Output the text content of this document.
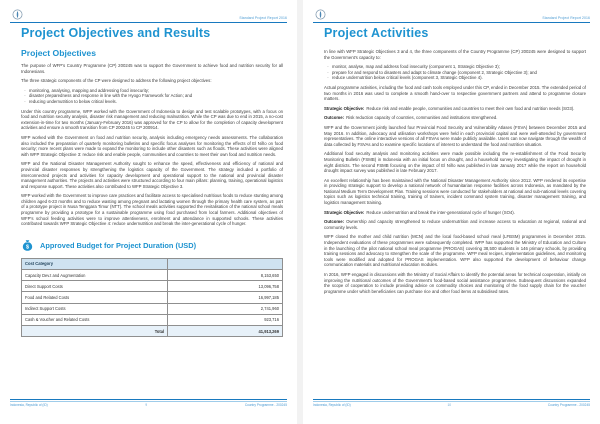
Standard Project Report 2016
Project Objectives and Results
Project Objectives

The purpose of WFP's Country Programme (CP) 200245 was to support the Government to achieve food and nutrition security for all Indonesians.

The three strategic components of the CP were designed to address the following project objectives:

· monitoring, analysing, mapping and addressing food insecurity;
· disaster preparedness and response in line with the Hyogo Framework for Action; and
· reducing undernutrition to below critical levels.

Under this country programme, WFP worked with the Government of Indonesia to design and test scalable prototypes, with a focus on food and nutrition security analysis, disaster risk management and reducing malnutrition. While the CP was due to end in 2015, a no-cost extension-in-time for two months (January-February 2016) was approved for the CP to allow for the completion of capacity development activities and ensure a smooth transition from CP 200245 to CP 200914.

WFP worked with the Government on food and nutrition security, analysis including emergency needs assessments. The collaboration also included the preparation of quarterly monitoring bulletins and specific focus analyses for monitoring the effects of El Niño on food security; more recent plans were made to expand the monitoring to include other disasters such as floods. These activities were aligned with WFP Strategic Objective 3: reduce risk and enable people, communities and countries to meet their own food and nutrition needs.

WFP and the National Disaster Management Authority sought to enhance the speed, effectiveness and efficiency of national and provincial disaster responses by strengthening the logistics capacity of the Government. The strategy included a portfolio of interconnected projects and activities for capacity development and operational support to the national and provincial disaster management authorities. The projects and activities were structured according to four main pillars: planning, training, operational logistics and response support. These activities also contributed to WFP Strategic Objective 3.

WFP worked with the Government to improve care practices and facilitate access to specialised nutritious foods to reduce stunting among children aged 6-23 months and to reduce wasting among pregnant and lactating women through the primary health care system, as part of a prototype project in Nusa Tenggara Timur (NTT). The school meals activities supported the revitalisation of the national school meals programme by providing a prototype for a sustainable programme using food purchased from local farmers. Additional objectives of WFP's school feeding activities were to improve attentiveness, enrolment and attendance in supported schools. These activities contributed towards WFP Strategic Objective 4: reduce undernutrition and break the inter-generational cycle of hunger.

$ Approved Budget for Project Duration (USD)
Cost Category	
Capacity Dev.t and Augmentation	8,153,650
Direct Support Costs	13,096,758
Food and Related Costs	16,997,185
Indirect Support Costs	2,741,960
Cash & Voucher and Related Costs	923,716
Total	41,913,269
Indonesia, Republic of (ID)	9	Country Programme - 200245
Standard Project Report 2016
Project Activities

In line with WFP Strategic Objectives 3 and 4, the three components of the Country Programme (CP) 200245 were designed to support the Government's capacity to:

· monitor, analyse, map and address food insecurity (component 1, Strategic Objective 3);
· prepare for and respond to disasters and adapt to climate change (component 2, Strategic Objective 3); and
· reduce undernutrition below critical levels (component 3, Strategic Objective 4).

Actual programme activities, including the food and cash tools employed under this CP, ended in December 2015. The extended period of two months in 2016 was used to complete a smooth hand-over to respective government partners and attend to programme closure matters.

Strategic Objective: Reduce risk and enable people, communities and countries to meet their own food and nutrition needs (SO3).

Outcome: Risk reduction capacity of countries, communities and institutions strengthened.

WFP and the Government jointly launched four Provincial Food Security and Vulnerability Atlases (FSVA) between December 2015 and May 2016. In addition, advocacy and utilisation workshops were held in each provincial capital and were well-attended by government representatives. The online interactive versions of all FSVAs were made publicly available. Users can now navigate through the wealth of data collected by FSVAs and to examine specific locations of interest to understand the food and nutrition situation.

Additional food security analysis and monitoring activities were made possible including the re-establishment of the Food Security Monitoring Bulletin (FSMB) in Indonesia with an initial focus on drought, and a household survey investigating the impact of drought in eight districts. The second FSMB focusing on the impact of El Niño was published in late January 2017 while the report on household drought impact survey was published in late February 2017.

An excellent relationship has been maintained with the National Disaster Management Authority since 2012. WFP rendered its expertise in providing strategic support to develop a national network of humanitarian response facilities across Indonesia, as mandated by the National Medium Term Development Plan. Training sessions were conducted for stakeholders at national and sub-national levels covering topics such as logistics technical training, training of trainers, incident command system training, disaster management training, and logistics management training.

Strategic Objective: Reduce undernutrition and break the inter-generational cycle of hunger (SO4).

Outcome: Ownership and capacity strengthened to reduce undernutrition and increase access to education at regional, national and community levels.

WFP closed the mother and child nutrition (MCN) and the local food-based school meal (LFBSM) programmes in December 2015. Independent evaluations of these programmes were subsequently completed. WFP has supported the Ministry of Education and Culture in the launching of the pilot national school meal programme (PROGAS) covering 38,500 students in 146 primary schools, by providing training sessions and advocacy to strengthen the scale of the programme. WFP meal recipes, implementation guidelines, and monitoring tools were modified and adopted for PROGAS implementation. WFP also supported the development of behaviour change communication materials and nutritional education modules.

In 2016, WFP engaged in discussions with the Ministry of Social Affairs to identify the potential areas for technical cooperation, initially on improving the nutritional outcomes of the Government's food-based social assistance programmes. Subsequent discussions expanded the scope of cooperation to include providing advice on commodity choices and monitoring of the food supply chain for the voucher programme under which beneficiaries can purchase rice and other food items at subsidised rates.

Indonesia, Republic of (ID)	10	Country Programme - 200245
